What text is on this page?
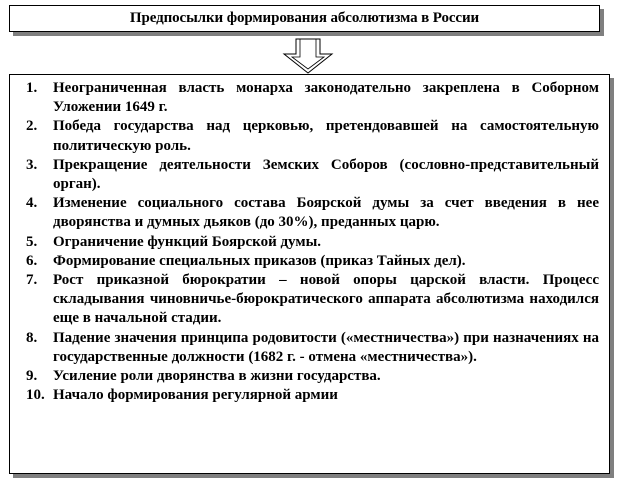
Предпосылки формирования абсолютизма в России
1.	Неограниченная власть монарха законодательно закреплена в Соборном Уложении 1649 г.
2.	Победа государства над церковью, претендовавшей на самостоятельную политическую роль.
3.	Прекращение деятельности Земских Соборов (сословно-представительный орган).
4.	Изменение социального состава Боярской думы за счет введения в нее дворянства и думных дьяков (до 30%), преданных царю.
5.	Ограничение функций Боярской думы.
6.	Формирование специальных приказов (приказ Тайных дел).
7.	Рост приказной бюрократии – новой опоры царской власти. Процесс складывания чиновничье-бюрократического аппарата абсолютизма находился еще в начальной стадии.
8.	Падение значения принципа родовитости («местничества») при назначениях на государственные должности (1682 г. - отмена «местничества»).
9.	Усиление роли дворянства в жизни государства.
10. Начало формирования регулярной армии
